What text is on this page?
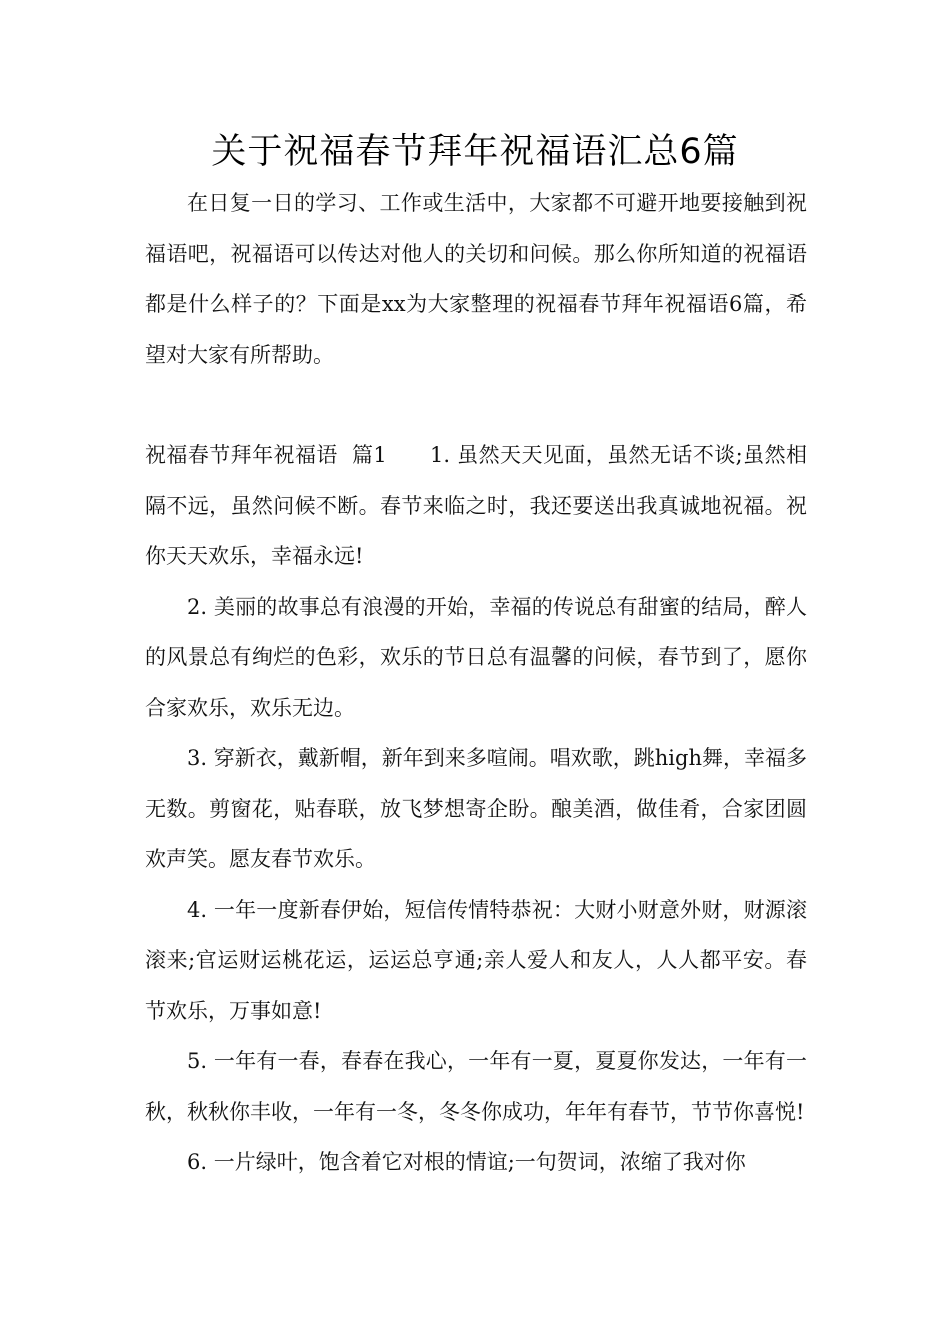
关于祝福春节拜年祝福语汇总6篇

在日复一日的学习、工作或生活中，大家都不可避开地要接触到祝福语吧，祝福语可以传达对他人的关切和问候。那么你所知道的祝福语都是什么样子的？下面是xx为大家整理的祝福春节拜年祝福语6篇，希望对大家有所帮助。

祝福春节拜年祝福语  篇1　　 1. 虽然天天见面，虽然无话不谈;虽然相隔不远，虽然问候不断。春节来临之时，我还要送出我真诚地祝福。祝你天天欢乐，幸福永远!

2. 美丽的故事总有浪漫的开始，幸福的传说总有甜蜜的结局，醉人的风景总有绚烂的色彩，欢乐的节日总有温馨的问候，春节到了，愿你合家欢乐，欢乐无边。

3. 穿新衣，戴新帽，新年到来多喧闹。唱欢歌，跳high舞，幸福多无数。剪窗花，贴春联，放飞梦想寄企盼。酿美酒，做佳肴，合家团圆欢声笑。愿友春节欢乐。

4. 一年一度新春伊始，短信传情特恭祝：大财小财意外财，财源滚滚来;官运财运桃花运，运运总亨通;亲人爱人和友人，人人都平安。春节欢乐，万事如意!

5. 一年有一春，春春在我心，一年有一夏，夏夏你发达，一年有一秋，秋秋你丰收，一年有一冬，冬冬你成功，年年有春节，节节你喜悦!

6. 一片绿叶，饱含着它对根的情谊;一句贺词，浓缩了我对你
